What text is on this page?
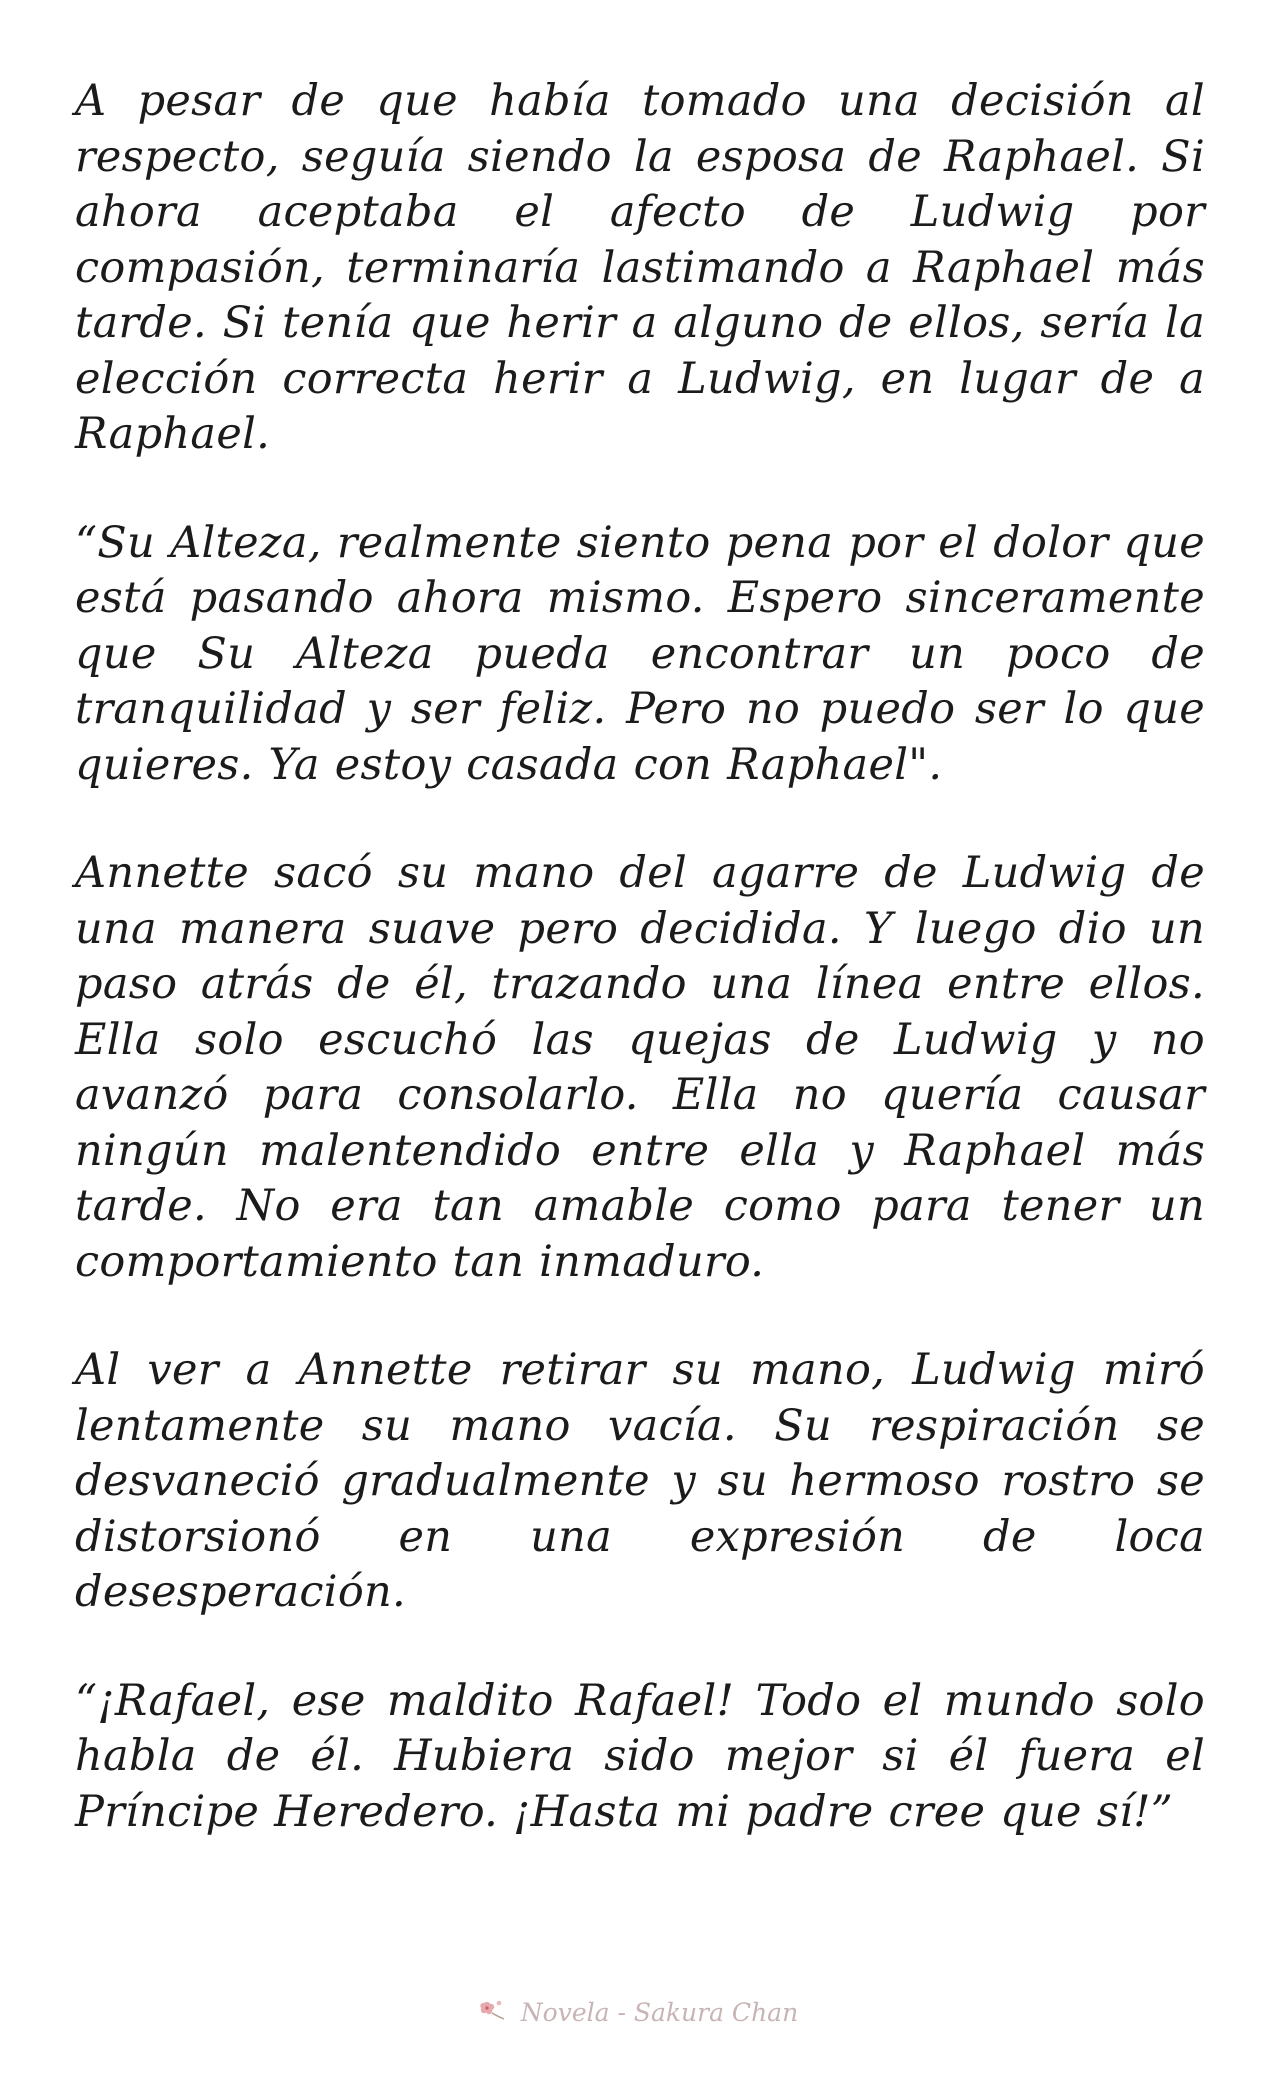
A pesar de que había tomado una decisión al respecto, seguía siendo la esposa de Raphael. Si ahora aceptaba el afecto de Ludwig por compasión, terminaría lastimando a Raphael más tarde. Si tenía que herir a alguno de ellos, sería la elección correcta herir a Ludwig, en lugar de a Raphael.

“Su Alteza, realmente siento pena por el dolor que está pasando ahora mismo. Espero sinceramente que Su Alteza pueda encontrar un poco de tranquilidad y ser feliz. Pero no puedo ser lo que quieres. Ya estoy casada con Raphael".

Annette sacó su mano del agarre de Ludwig de una manera suave pero decidida. Y luego dio un paso atrás de él, trazando una línea entre ellos. Ella solo escuchó las quejas de Ludwig y no avanzó para consolarlo. Ella no quería causar ningún malentendido entre ella y Raphael más tarde. No era tan amable como para tener un comportamiento tan inmaduro.

Al ver a Annette retirar su mano, Ludwig miró lentamente su mano vacía. Su respiración se desvaneció gradualmente y su hermoso rostro se distorsionó en una expresión de loca desesperación.

“¡Rafael, ese maldito Rafael! Todo el mundo solo habla de él. Hubiera sido mejor si él fuera el Príncipe Heredero. ¡Hasta mi padre cree que sí!”

Novela - Sakura Chan
